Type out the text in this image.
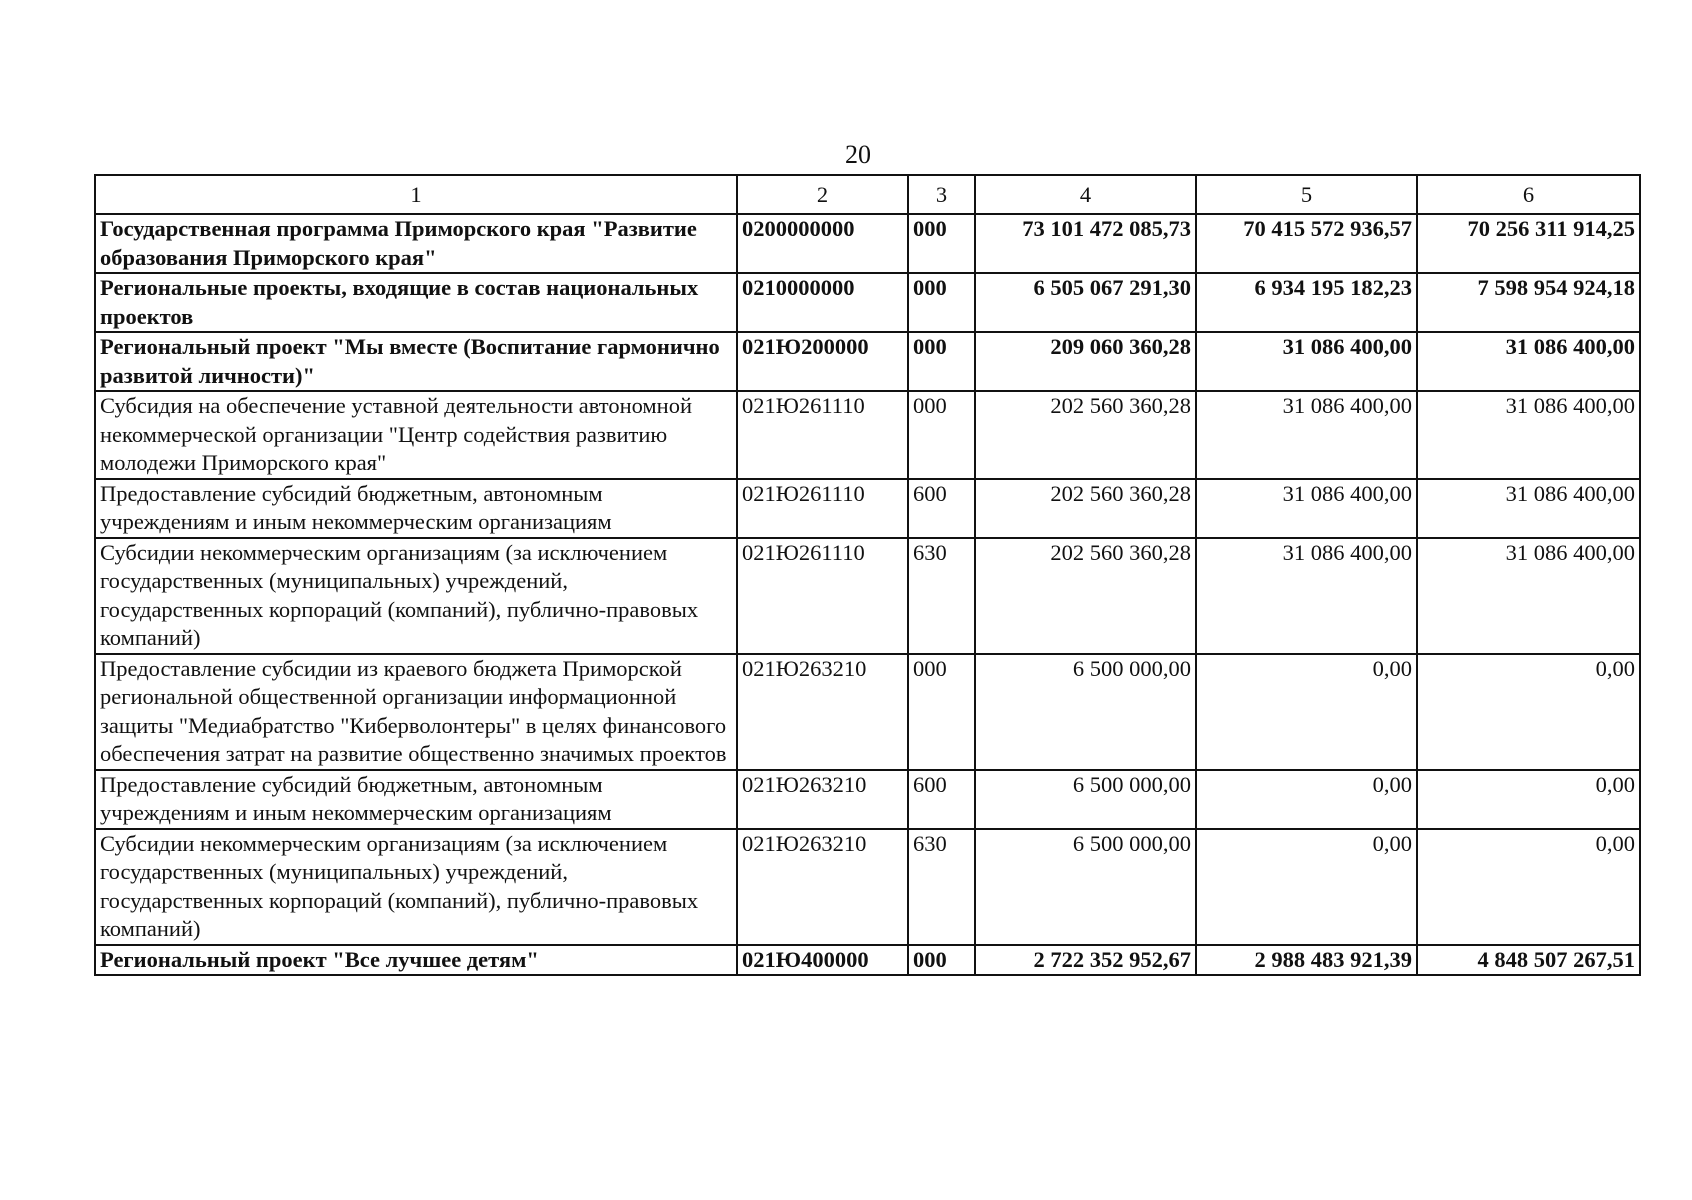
20
1	2	3	4	5	6
Государственная программа Приморского края "Развитие образования Приморского края"	0200000000	000	73 101 472 085,73	70 415 572 936,57	70 256 311 914,25
Региональные проекты, входящие в состав национальных проектов	0210000000	000	6 505 067 291,30	6 934 195 182,23	7 598 954 924,18
Региональный проект "Мы вместе (Воспитание гармонично развитой личности)"	021Ю200000	000	209 060 360,28	31 086 400,00	31 086 400,00
Субсидия на обеспечение уставной деятельности автономной некоммерческой организации "Центр содействия развитию молодежи Приморского края"	021Ю261110	000	202 560 360,28	31 086 400,00	31 086 400,00
Предоставление субсидий бюджетным, автономным учреждениям и иным некоммерческим организациям	021Ю261110	600	202 560 360,28	31 086 400,00	31 086 400,00
Субсидии некоммерческим организациям (за исключением государственных (муниципальных) учреждений, государственных корпораций (компаний), публично-правовых компаний)	021Ю261110	630	202 560 360,28	31 086 400,00	31 086 400,00
Предоставление субсидии из краевого бюджета Приморской региональной общественной организации информационной защиты "Медиабратство "Киберволонтеры" в целях финансового обеспечения затрат на развитие общественно значимых проектов	021Ю263210	000	6 500 000,00	0,00	0,00
Предоставление субсидий бюджетным, автономным учреждениям и иным некоммерческим организациям	021Ю263210	600	6 500 000,00	0,00	0,00
Субсидии некоммерческим организациям (за исключением государственных (муниципальных) учреждений, государственных корпораций (компаний), публично-правовых компаний)	021Ю263210	630	6 500 000,00	0,00	0,00
Региональный проект "Все лучшее детям"	021Ю400000	000	2 722 352 952,67	2 988 483 921,39	4 848 507 267,51
